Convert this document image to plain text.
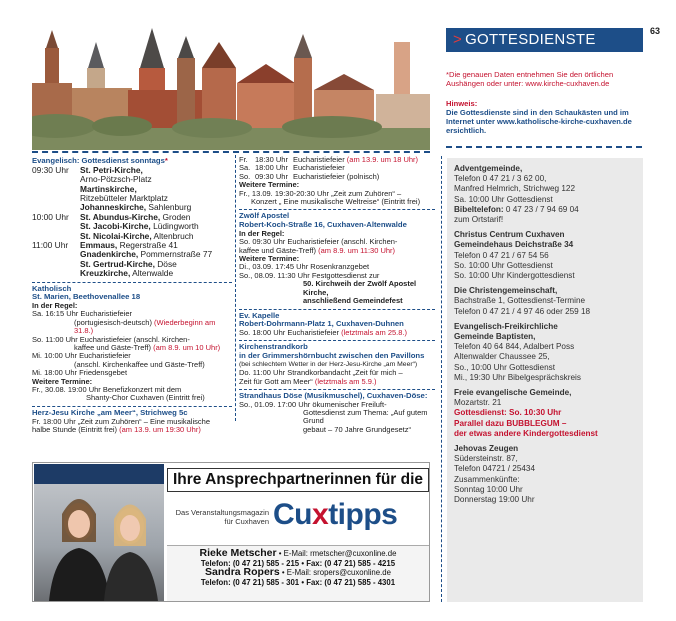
63
> GOTTESDIENSTE
*Die genauen Daten entnehmen Sie den örtlichen Aushängen oder unter: www.kirche-cuxhaven.de
Hinweis:
Die Gottesdienste sind in den Schaukästen und im Internet unter www.katholische-kirche-cuxhaven.de ersichtlich.
Evangelisch: Gottesdienst sonntags*
09:30 Uhr	St. Petri-Kirche,
Arno-Pötzsch-Platz
Martinskirche,
Ritzebütteler Marktplatz
Johanneskirche, Sahlenburg
10:00 Uhr	St. Abundus-Kirche, Groden
St. Jacobi-Kirche, Lüdingworth
St. Nicolai-Kirche, Altenbruch
11:00 Uhr	Emmaus, Regerstraße 41
Gnadenkirche, Pommernstraße 77
St. Gertrud-Kirche, Döse
Kreuzkirche, Altenwalde
Katholisch
St. Marien, Beethovenallee 18
In der Regel:
Sa. 16:15 Uhr Eucharistiefeier
(portugiesisch-deutsch) (Wiederbeginn am 31.8.)
So. 11:00 Uhr Eucharistiefeier (anschl. Kirchen-
kaffee und Gäste-Treff) (am 8.9. um 10 Uhr)
Mi. 10:00 Uhr Eucharistiefeier
(anschl. Kirchenkaffee und Gäste-Treff)
Mi. 18:00 Uhr Friedensgebet
Weitere Termine:
Fr., 30.08. 19:00 Uhr Benefizkonzert mit dem
Shanty-Chor Cuxhaven (Eintritt frei)
Herz-Jesu Kirche „am Meer“, Strichweg 5c
Fr. 18:00 Uhr „Zeit zum Zuhören“ – Eine musikalische
halbe Stunde (Eintritt frei) (am 13.9. um 19:30 Uhr)
Fr. 18:30 Uhr Eucharistiefeier (am 13.9. um 18 Uhr)
Sa. 18:00 Uhr Eucharistiefeier
So. 09:30 Uhr Eucharistiefeier (polnisch)
Weitere Termine:
Fr., 13.09. 19:30-20:30 Uhr „Zeit zum Zuhören“ –
Konzert „ Eine musikalische Weltreise“ (Eintritt frei)
Zwölf Apostel
Robert-Koch-Straße 16, Cuxhaven-Altenwalde
In der Regel:
So. 09:30 Uhr Eucharistiefeier (anschl. Kirchen-
kaffee und Gäste-Treff) (am 8.9. um 11:30 Uhr)
Weitere Termine:
Di., 03.09. 17:45 Uhr Rosenkranzgebet
So., 08.09. 11:30 Uhr Festgottesdienst zur
50. Kirchweih der Zwölf Apostel Kirche,
anschließend Gemeindefest
Ev. Kapelle
Robert-Dohrmann-Platz 1, Cuxhaven-Duhnen
So. 18:00 Uhr Eucharistiefeier (letztmals am 25.8.)
Kirchenstrandkorb
in der Grimmershörnbucht zwischen den Pavillons
(bei schlechtem Wetter in der Herz-Jesu-Kirche „am Meer“)
Do. 11:00 Uhr Strandkorbandacht „Zeit für mich –
Zeit für Gott am Meer“ (letztmals am 5.9.)
Strandhaus Döse (Musikmuschel), Cuxhaven-Döse:
So., 01.09. 17:00 Uhr ökumenischer Freiluft-
Gottesdienst zum Thema: „Auf gutem Grund
gebaut – 70 Jahre Grundgesetz“
Adventgemeinde,
Telefon 0 47 21 / 3 62 00,
Manfred Helmrich, Strichweg 122
Sa. 10:00 Uhr Gottesdienst
Bibeltelefon: 0 47 23 / 7 94 69 04
zum Ortstarif!
Christus Centrum Cuxhaven
Gemeindehaus Deichstraße 34
Telefon 0 47 21 / 67 54 56
So. 10:00 Uhr Gottesdienst
So. 10:00 Uhr Kindergottesdienst
Die Christengemeinschaft,
Bachstraße 1, Gottesdienst-Termine
Telefon 0 47 21 / 4 97 46 oder 259 18
Evangelisch-Freikirchliche
Gemeinde Baptisten,
Telefon 40 64 844, Adalbert Poss
Altenwalder Chaussee 25,
So., 10:00 Uhr Gottesdienst
Mi., 19:30 Uhr Bibelgesprächskreis
Freie evangelische Gemeinde,
Mozartstr. 21
Gottesdienst: So. 10:30 Uhr
Parallel dazu BUBBLEGUM –
der etwas andere Kindergottesdienst
Jehovas Zeugen
Südersteinstr. 87,
Telefon 04721 / 25434
Zusammenkünfte:
Sonntag 10:00 Uhr
Donnerstag 19:00 Uhr
Ihre Ansprechpartnerinnen für die
Das Veranstaltungsmagazin
für Cuxhaven Cuxtipps
Rieke Metscher • E-Mail: rmetscher@cuxonline.de
Telefon: (0 47 21) 585 - 215 • Fax: (0 47 21) 585 - 4215
Sandra Ropers • E-Mail: sropers@cuxonline.de
Telefon: (0 47 21) 585 - 301 • Fax: (0 47 21) 585 - 4301
